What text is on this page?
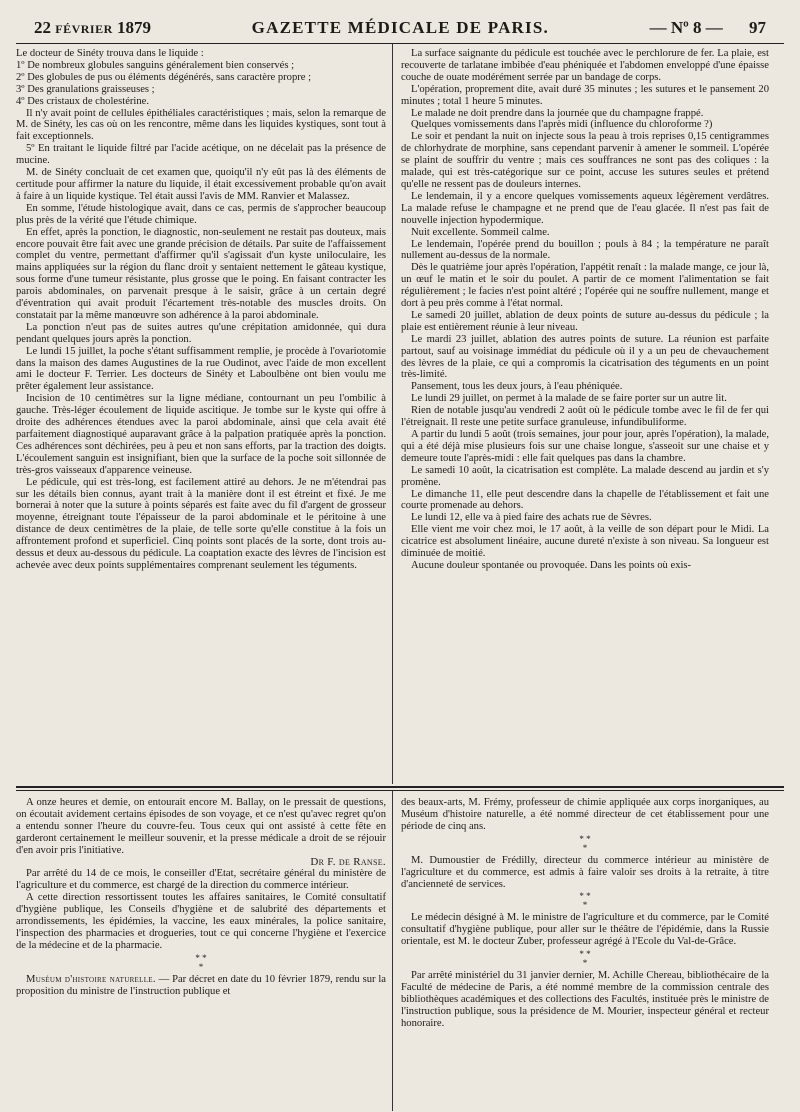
22 FÉVRIER 1879	GAZETTE MÉDICALE DE PARIS.	— Nº 8 — 97

Le docteur de Sinéty trouva dans le liquide :

1º De nombreux globules sanguins généralement bien conservés ;

2º Des globules de pus ou éléments dégénérés, sans caractère propre ;

3º Des granulations graisseuses ;

4º Des cristaux de cholestérine.

Il n'y avait point de cellules épithéliales caractéristiques ; mais, selon la remarque de M. de Sinéty, les cas où on les rencontre, même dans les liquides kystiques, sont tout à fait exceptionnels.

5º En traitant le liquide filtré par l'acide acétique, on ne décelait pas la présence de mucine.

M. de Sinéty concluait de cet examen que, quoiqu'il n'y eût pas là des éléments de certitude pour affirmer la nature du liquide, il était excessivement probable qu'on avait à faire à un liquide kystique. Tel était aussi l'avis de MM. Ranvier et Malassez.

En somme, l'étude histologique avait, dans ce cas, permis de s'approcher beaucoup plus près de la vérité que l'étude chimique.

En effet, après la ponction, le diagnostic, non-seulement ne restait pas douteux, mais encore pouvait être fait avec une grande précision de détails. Par suite de l'affaissement complet du ventre, permettant d'affirmer qu'il s'agissait d'un kyste uniloculaire, les mains appliquées sur la région du flanc droit y sentaient nettement le gâteau kystique, sous forme d'une tumeur résistante, plus grosse que le poing. En faisant contracter les parois abdominales, on parvenait presque à le saisir, grâce à un certain degré d'éventration qui avait produit l'écartement très-notable des muscles droits. On constatait par la même manœuvre son adhérence à la paroi abdominale.

La ponction n'eut pas de suites autres qu'une crépitation amidonnée, qui dura pendant quelques jours après la ponction.

Le lundi 15 juillet, la poche s'étant suffisamment remplie, je procède à l'ovariotomie dans la maison des dames Augustines de la rue Oudinot, avec l'aide de mon excellent ami le docteur F. Terrier. Les docteurs de Sinéty et Laboulbène ont bien voulu me prêter également leur assistance.

Incision de 10 centimètres sur la ligne médiane, contournant un peu l'ombilic à gauche. Très-léger écoulement de liquide ascitique. Je tombe sur le kyste qui offre à droite des adhérences étendues avec la paroi abdominale, ainsi que cela avait été parfaitement diagnostiqué auparavant grâce à la palpation pratiquée après la ponction. Ces adhérences sont déchirées, peu à peu et non sans efforts, par la traction des doigts. L'écoulement sanguin est insignifiant, bien que la surface de la poche soit sillonnée de très-gros vaisseaux d'apparence veineuse.

Le pédicule, qui est très-long, est facilement attiré au dehors. Je ne m'étendrai pas sur les détails bien connus, ayant trait à la manière dont il est étreint et fixé. Je me bornerai à noter que la suture à points séparés est faite avec du fil d'argent de grosseur moyenne, étreignant toute l'épaisseur de la paroi abdominale et le péritoine à une distance de deux centimètres de la plaie, de telle sorte qu'elle constitue à la fois un affrontement profond et superficiel. Cinq points sont placés de la sorte, dont trois au-dessus et deux au-dessous du pédicule. La coaptation exacte des lèvres de l'incision est achevée avec deux points supplémentaires comprenant seulement les téguments.

La surface saignante du pédicule est touchée avec le perchlorure de fer. La plaie, est recouverte de tarlatane imbibée d'eau phéniquée et l'abdomen enveloppé d'une épaisse couche de ouate modérément serrée par un bandage de corps.

L'opération, proprement dite, avait duré 35 minutes ; les sutures et le pansement 20 minutes ; total 1 heure 5 minutes.

Le malade ne doit prendre dans la journée que du champagne frappé.

Quelques vomissements dans l'après midi (influence du chloroforme ?)

Le soir et pendant la nuit on injecte sous la peau à trois reprises 0,15 centigrammes de chlorhydrate de morphine, sans cependant parvenir à amener le sommeil. L'opérée se plaint de souffrir du ventre ; mais ces souffrances ne sont pas des coliques : la malade, qui est très-catégorique sur ce point, accuse les sutures seules et prétend qu'elle ne ressent pas de douleurs internes.

Le lendemain, il y a encore quelques vomissements aqueux légèrement verdâtres. La malade refuse le champagne et ne prend que de l'eau glacée. Il n'est pas fait de nouvelle injection hypodermique.

Nuit excellente. Sommeil calme.

Le lendemain, l'opérée prend du bouillon ; pouls à 84 ; la température ne paraît nullement au-dessus de la normale.

Dès le quatrième jour après l'opération, l'appétit renaît : la malade mange, ce jour là, un œuf le matin et le soir du poulet. A partir de ce moment l'alimentation se fait régulièrement ; le facies n'est point altéré ; l'opérée qui ne souffre nullement, mange et dort à peu près comme à l'état normal.

Le samedi 20 juillet, ablation de deux points de suture au-dessus du pédicule ; la plaie est entièrement réunie à leur niveau.

Le mardi 23 juillet, ablation des autres points de suture. La réunion est parfaite partout, sauf au voisinage immédiat du pédicule où il y a un peu de chevauchement des lèvres de la plaie, ce qui a compromis la cicatrisation des téguments en un point très-limité.

Pansement, tous les deux jours, à l'eau phéniquée.

Le lundi 29 juillet, on permet à la malade de se faire porter sur un autre lit.

Rien de notable jusqu'au vendredi 2 août où le pédicule tombe avec le fil de fer qui l'étreignait. Il reste une petite surface granuleuse, infundibuliforme.

A partir du lundi 5 août (trois semaines, jour pour jour, après l'opération), la malade, qui a été déjà mise plusieurs fois sur une chaise longue, s'asseoit sur une chaise et y demeure toute l'après-midi : elle fait quelques pas dans la chambre.

Le samedi 10 août, la cicatrisation est complète. La malade descend au jardin et s'y promène.

Le dimanche 11, elle peut descendre dans la chapelle de l'établissement et fait une courte promenade au dehors.

Le lundi 12, elle va à pied faire des achats rue de Sèvres.

Elle vient me voir chez moi, le 17 août, à la veille de son départ pour le Midi. La cicatrice est absolument linéaire, aucune dureté n'existe à son niveau. Sa longueur est diminuée de moitié.

Aucune douleur spontanée ou provoquée. Dans les points où exis-

A onze heures et demie, on entourait encore M. Ballay, on le pressait de questions, on écoutait avidement certains épisodes de son voyage, et ce n'est qu'avec regret qu'on a entendu sonner l'heure du couvre-feu. Tous ceux qui ont assisté à cette fête en garderont certainement le meilleur souvenir, et la presse médicale a droit de se réjouir d'en avoir pris l'initiative.

Dr F. de Ranse.

Par arrêté du 14 de ce mois, le conseiller d'Etat, secrétaire général du ministère de l'agriculture et du commerce, est chargé de la direction du commerce intérieur.

A cette direction ressortissent toutes les affaires sanitaires, le Comité consultatif d'hygiène publique, les Conseils d'hygiène et de salubrité des départements et arrondissements, les épidémies, la vaccine, les eaux minérales, la police sanitaire, l'inspection des pharmacies et drogueries, tout ce qui concerne l'hygiène et l'exercice de la médecine et de la pharmacie.

* *
*

Muséum d'histoire naturelle. — Par décret en date du 10 février 1879, rendu sur la proposition du ministre de l'instruction publique et

des beaux-arts, M. Frémy, professeur de chimie appliquée aux corps inorganiques, au Muséum d'histoire naturelle, a été nommé directeur de cet établissement pour une période de cinq ans.

* *
*

M. Dumoustier de Frédilly, directeur du commerce intérieur au ministère de l'agriculture et du commerce, est admis à faire valoir ses droits à la retraite, à titre d'ancienneté de services.

* *
*

Le médecin désigné à M. le ministre de l'agriculture et du commerce, par le Comité consultatif d'hygiène publique, pour aller sur le théâtre de l'épidémie, dans la Russie orientale, est M. le docteur Zuber, professeur agrégé à l'Ecole du Val-de-Grâce.

* *
*

Par arrêté ministériel du 31 janvier dernier, M. Achille Chereau, bibliothécaire de la Faculté de médecine de Paris, a été nommé membre de la commission centrale des bibliothèques académiques et des collections des Facultés, instituée près le ministre de l'instruction publique, sous la présidence de M. Mourier, inspecteur général et recteur honoraire.
